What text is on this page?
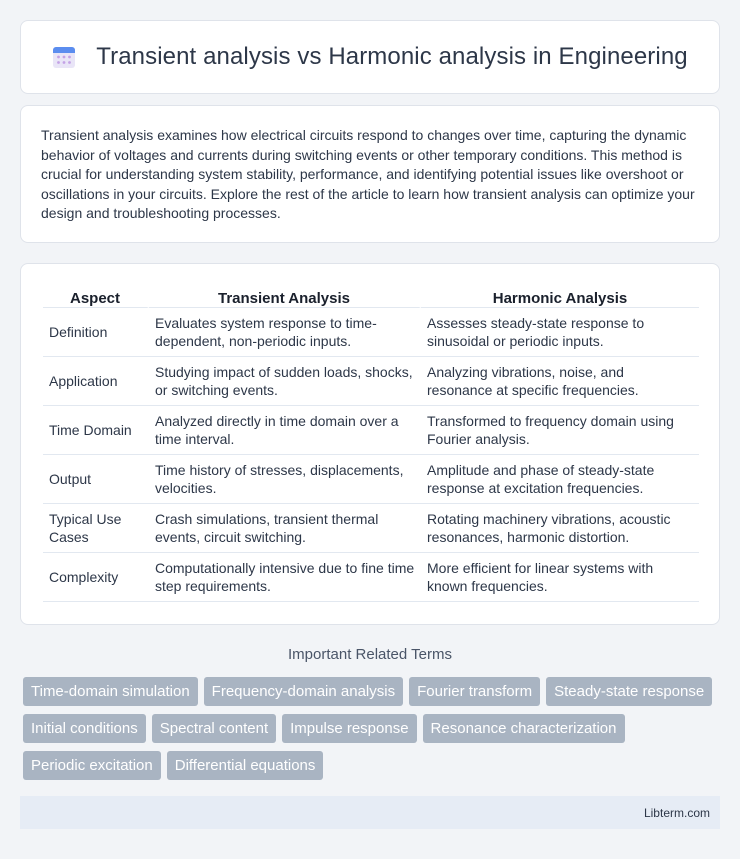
Transient analysis vs Harmonic analysis in Engineering

Transient analysis examines how electrical circuits respond to changes over time, capturing the dynamic behavior of voltages and currents during switching events or other temporary conditions. This method is crucial for understanding system stability, performance, and identifying potential issues like overshoot or oscillations in your circuits. Explore the rest of the article to learn how transient analysis can optimize your design and troubleshooting processes.

Aspect	Transient Analysis	Harmonic Analysis
Definition	Evaluates system response to time-dependent, non-periodic inputs.	Assesses steady-state response to sinusoidal or periodic inputs.
Application	Studying impact of sudden loads, shocks, or switching events.	Analyzing vibrations, noise, and resonance at specific frequencies.
Time Domain	Analyzed directly in time domain over a time interval.	Transformed to frequency domain using Fourier analysis.
Output	Time history of stresses, displacements, velocities.	Amplitude and phase of steady-state response at excitation frequencies.
Typical Use Cases	Crash simulations, transient thermal events, circuit switching.	Rotating machinery vibrations, acoustic resonances, harmonic distortion.
Complexity	Computationally intensive due to fine time step requirements.	More efficient for linear systems with known frequencies.
Important Related Terms
Time-domain simulation	Frequency-domain analysis	Fourier transform	Steady-state response
Initial conditions	Spectral content	Impulse response	Resonance characterization
Periodic excitation	Differential equations
Libterm.com
